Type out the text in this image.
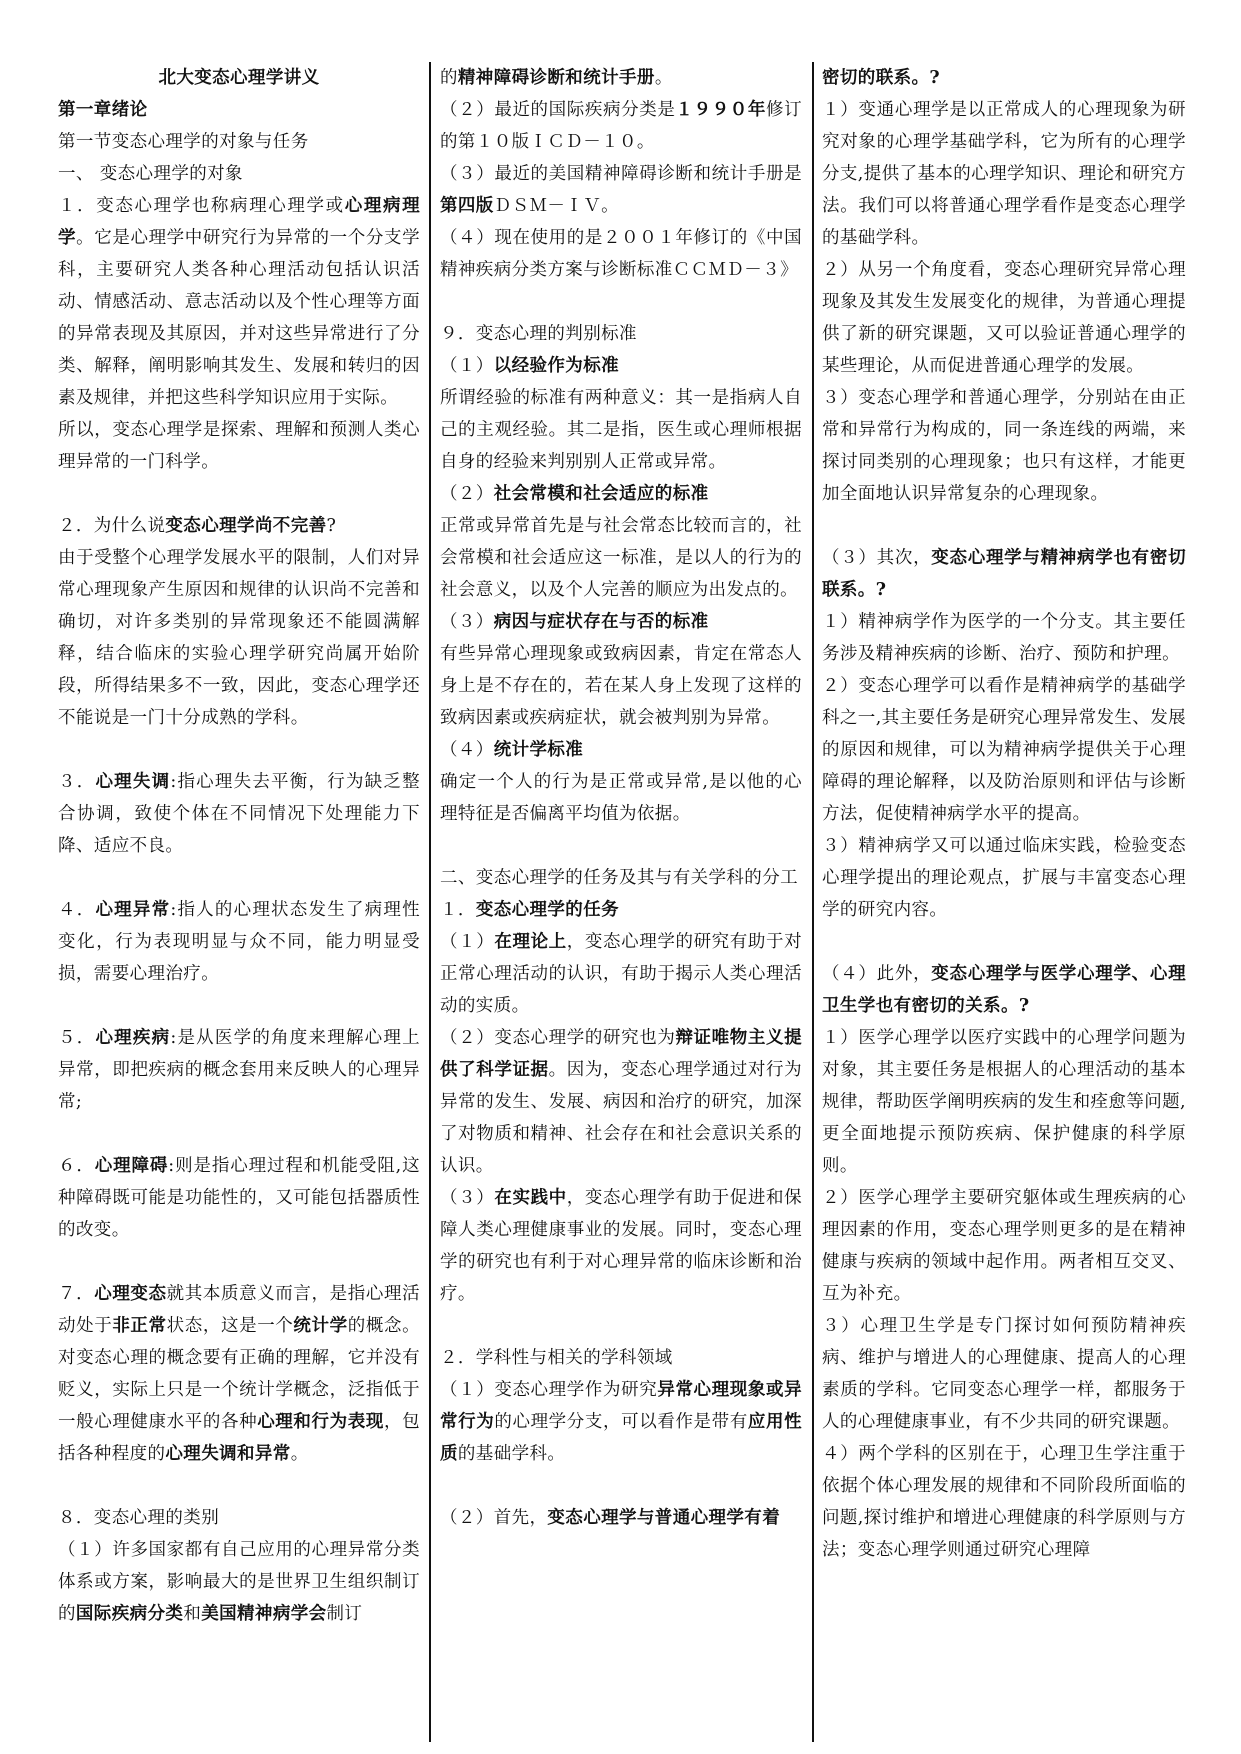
北大变态心理学讲义

第一章绪论

第一节变态心理学的对象与任务

一、 变态心理学的对象

１．变态心理学也称病理心理学或心理病理学。它是心理学中研究行为异常的一个分支学科，主要研究人类各种心理活动包括认识活动、情感活动、意志活动以及个性心理等方面的异常表现及其原因，并对这些异常进行了分类、解释，阐明影响其发生、发展和转归的因素及规律，并把这些科学知识应用于实际。

所以，变态心理学是探索、理解和预测人类心理异常的一门科学。

２．为什么说变态心理学尚不完善?

由于受整个心理学发展水平的限制，人们对异常心理现象产生原因和规律的认识尚不完善和确切，对许多类别的异常现象还不能圆满解释，结合临床的实验心理学研究尚属开始阶段，所得结果多不一致，因此，变态心理学还不能说是一门十分成熟的学科。

３．心理失调:指心理失去平衡，行为缺乏整合协调，致使个体在不同情况下处理能力下降、适应不良。

４．心理异常:指人的心理状态发生了病理性变化，行为表现明显与众不同，能力明显受损，需要心理治疗。

５．心理疾病:是从医学的角度来理解心理上异常，即把疾病的概念套用来反映人的心理异常;

６．心理障碍:则是指心理过程和机能受阻,这种障碍既可能是功能性的，又可能包括器质性的改变。

７．心理变态就其本质意义而言，是指心理活动处于非正常状态，这是一个统计学的概念。对变态心理的概念要有正确的理解，它并没有贬义，实际上只是一个统计学概念，泛指低于一般心理健康水平的各种心理和行为表现，包括各种程度的心理失调和异常。

８．变态心理的类别

（１）许多国家都有自己应用的心理异常分类体系或方案，影响最大的是世界卫生组织制订的国际疾病分类和美国精神病学会制订

的精神障碍诊断和统计手册。

（２）最近的国际疾病分类是１９９０年修订的第１０版ＩＣＤ－１０。

（３）最近的美国精神障碍诊断和统计手册是第四版ＤＳＭ－ＩＶ。

（４）现在使用的是２００１年修订的《中国精神疾病分类方案与诊断标准ＣＣＭＤ－３》

９．变态心理的判别标准

（１）以经验作为标准

所谓经验的标准有两种意义：其一是指病人自己的主观经验。其二是指，医生或心理师根据自身的经验来判别别人正常或异常。

（２）社会常模和社会适应的标准

正常或异常首先是与社会常态比较而言的，社会常模和社会适应这一标准，是以人的行为的社会意义，以及个人完善的顺应为出发点的。

（３）病因与症状存在与否的标准

有些异常心理现象或致病因素，肯定在常态人身上是不存在的，若在某人身上发现了这样的致病因素或疾病症状，就会被判别为异常。

（４）统计学标准

确定一个人的行为是正常或异常,是以他的心理特征是否偏离平均值为依据。

二、变态心理学的任务及其与有关学科的分工

１．变态心理学的任务

（１）在理论上，变态心理学的研究有助于对正常心理活动的认识，有助于揭示人类心理活动的实质。

（２）变态心理学的研究也为辩证唯物主义提供了科学证据。因为，变态心理学通过对行为异常的发生、发展、病因和治疗的研究，加深了对物质和精神、社会存在和社会意识关系的认识。

（３）在实践中，变态心理学有助于促进和保障人类心理健康事业的发展。同时，变态心理学的研究也有利于对心理异常的临床诊断和治疗。

２．学科性与相关的学科领域

（１）变态心理学作为研究异常心理现象或异常行为的心理学分支，可以看作是带有应用性质的基础学科。

（２）首先，变态心理学与普通心理学有着

密切的联系。?

１）变通心理学是以正常成人的心理现象为研究对象的心理学基础学科，它为所有的心理学分支,提供了基本的心理学知识、理论和研究方法。我们可以将普通心理学看作是变态心理学的基础学科。

２）从另一个角度看，变态心理研究异常心理现象及其发生发展变化的规律，为普通心理提供了新的研究课题，又可以验证普通心理学的某些理论，从而促进普通心理学的发展。

３）变态心理学和普通心理学，分别站在由正常和异常行为构成的，同一条连线的两端，来探讨同类别的心理现象；也只有这样，才能更加全面地认识异常复杂的心理现象。

（３）其次，变态心理学与精神病学也有密切联系。?

１）精神病学作为医学的一个分支。其主要任务涉及精神疾病的诊断、治疗、预防和护理。

２）变态心理学可以看作是精神病学的基础学科之一,其主要任务是研究心理异常发生、发展的原因和规律，可以为精神病学提供关于心理障碍的理论解释，以及防治原则和评估与诊断方法，促使精神病学水平的提高。

３）精神病学又可以通过临床实践，检验变态心理学提出的理论观点，扩展与丰富变态心理学的研究内容。

（４）此外，变态心理学与医学心理学、心理卫生学也有密切的关系。?

１）医学心理学以医疗实践中的心理学问题为对象，其主要任务是根据人的心理活动的基本规律，帮助医学阐明疾病的发生和痊愈等问题,更全面地提示预防疾病、保护健康的科学原则。

２）医学心理学主要研究躯体或生理疾病的心理因素的作用，变态心理学则更多的是在精神健康与疾病的领域中起作用。两者相互交叉、互为补充。

３）心理卫生学是专门探讨如何预防精神疾病、维护与增进人的心理健康、提高人的心理素质的学科。它同变态心理学一样，都服务于人的心理健康事业，有不少共同的研究课题。

４）两个学科的区别在于，心理卫生学注重于依据个体心理发展的规律和不同阶段所面临的问题,探讨维护和增进心理健康的科学原则与方法；变态心理学则通过研究心理障
